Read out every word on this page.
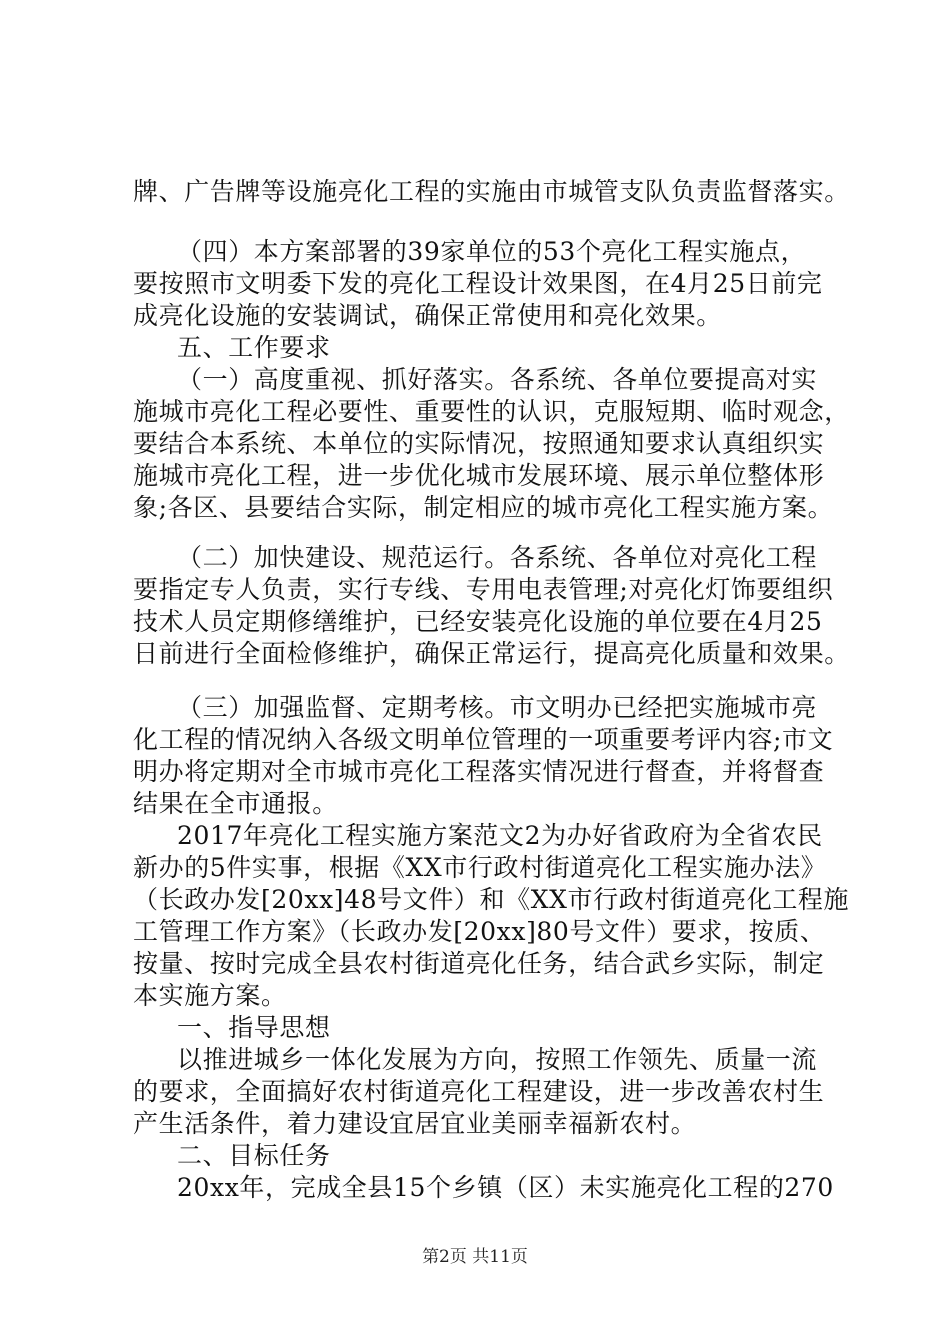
牌、广告牌等设施亮化工程的实施由市城管支队负责监督落实。
（四）本方案部署的39家单位的53个亮化工程实施点，
要按照市文明委下发的亮化工程设计效果图，在4月25日前完
成亮化设施的安装调试，确保正常使用和亮化效果。
五、工作要求
（一）高度重视、抓好落实。各系统、各单位要提高对实
施城市亮化工程必要性、重要性的认识，克服短期、临时观念，
要结合本系统、本单位的实际情况，按照通知要求认真组织实
施城市亮化工程，进一步优化城市发展环境、展示单位整体形
象;各区、县要结合实际，制定相应的城市亮化工程实施方案。
（二）加快建设、规范运行。各系统、各单位对亮化工程
要指定专人负责，实行专线、专用电表管理;对亮化灯饰要组织
技术人员定期修缮维护，已经安装亮化设施的单位要在4月25
日前进行全面检修维护，确保正常运行，提高亮化质量和效果。
（三）加强监督、定期考核。市文明办已经把实施城市亮
化工程的情况纳入各级文明单位管理的一项重要考评内容;市文
明办将定期对全市城市亮化工程落实情况进行督查，并将督查
结果在全市通报。
2017年亮化工程实施方案范文2为办好省政府为全省农民
新办的5件实事，根据《XX市行政村街道亮化工程实施办法》
（长政办发[20xx]48号文件）和《XX市行政村街道亮化工程施
工管理工作方案》（长政办发[20xx]80号文件）要求，按质、
按量、按时完成全县农村街道亮化任务，结合武乡实际，制定
本实施方案。
一、指导思想
以推进城乡一体化发展为方向，按照工作领先、质量一流
的要求，全面搞好农村街道亮化工程建设，进一步改善农村生
产生活条件，着力建设宜居宜业美丽幸福新农村。
二、目标任务
20xx年，完成全县15个乡镇（区）未实施亮化工程的270
第2页 共11页
